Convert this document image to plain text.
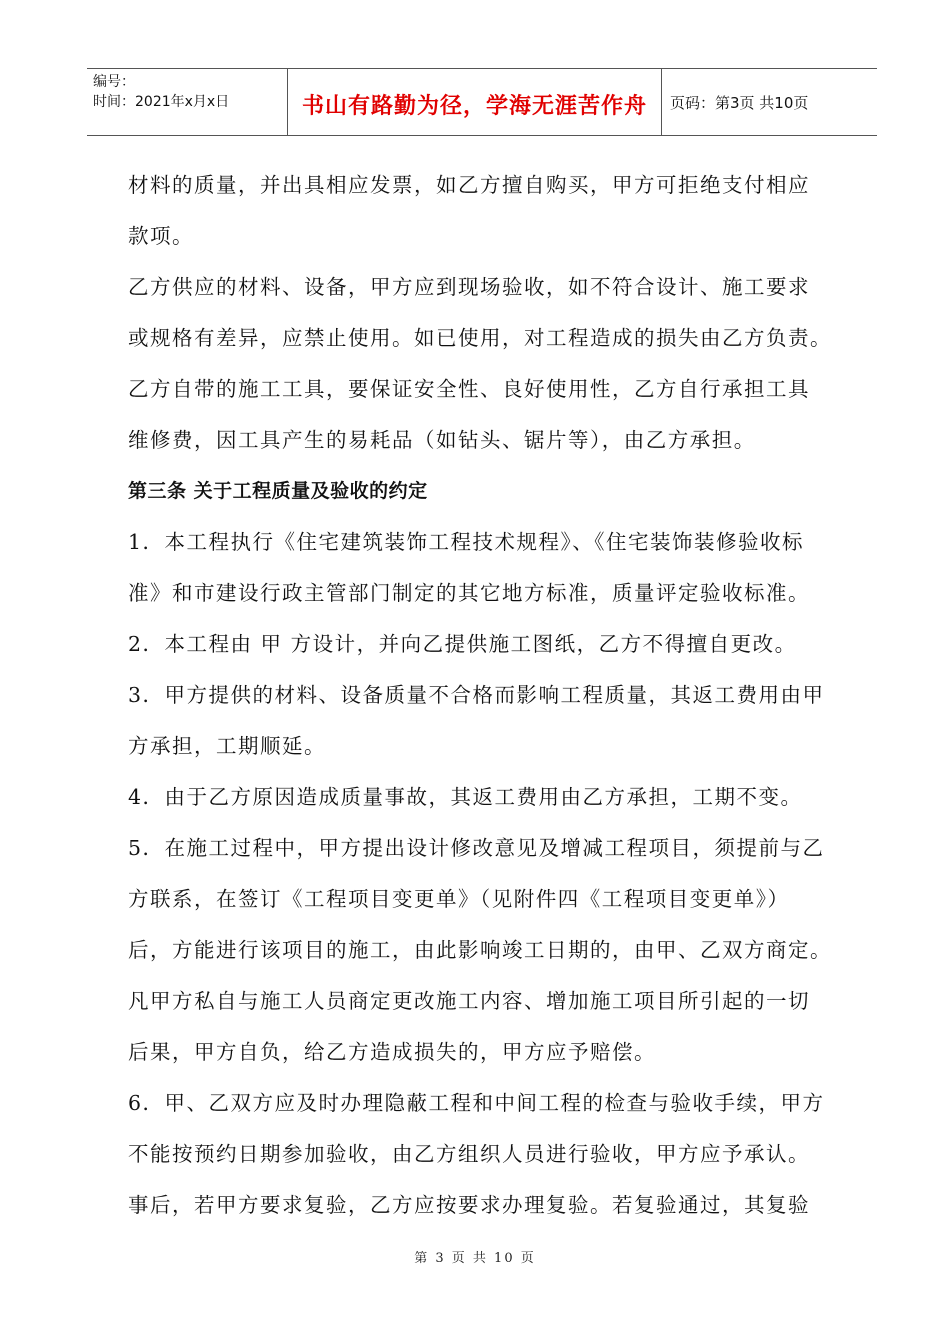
编号：
时间：2021年x月x日	书山有路勤为径，学海无涯苦作舟	页码：第3页 共10页

材料的质量，并出具相应发票，如乙方擅自购买，甲方可拒绝支付相应

款项。

乙方供应的材料、设备，甲方应到现场验收，如不符合设计、施工要求

或规格有差异，应禁止使用。如已使用，对工程造成的损失由乙方负责。

乙方自带的施工工具，要保证安全性、良好使用性，乙方自行承担工具

维修费，因工具产生的易耗品（如钻头、锯片等），由乙方承担。

第三条 关于工程质量及验收的约定

1．本工程执行《住宅建筑装饰工程技术规程》、《住宅装饰装修验收标

准》和市建设行政主管部门制定的其它地方标准，质量评定验收标准。

2．本工程由 甲 方设计，并向乙提供施工图纸，乙方不得擅自更改。

3．甲方提供的材料、设备质量不合格而影响工程质量，其返工费用由甲

方承担，工期顺延。

4．由于乙方原因造成质量事故，其返工费用由乙方承担，工期不变。

5．在施工过程中，甲方提出设计修改意见及增减工程项目，须提前与乙

方联系，在签订《工程项目变更单》（见附件四《工程项目变更单》）

后，方能进行该项目的施工，由此影响竣工日期的，由甲、乙双方商定。

凡甲方私自与施工人员商定更改施工内容、增加施工项目所引起的一切

后果，甲方自负，给乙方造成损失的，甲方应予赔偿。

6．甲、乙双方应及时办理隐蔽工程和中间工程的检查与验收手续，甲方

不能按预约日期参加验收，由乙方组织人员进行验收，甲方应予承认。

事后，若甲方要求复验，乙方应按要求办理复验。若复验通过，其复验

第 3 页 共 10 页
